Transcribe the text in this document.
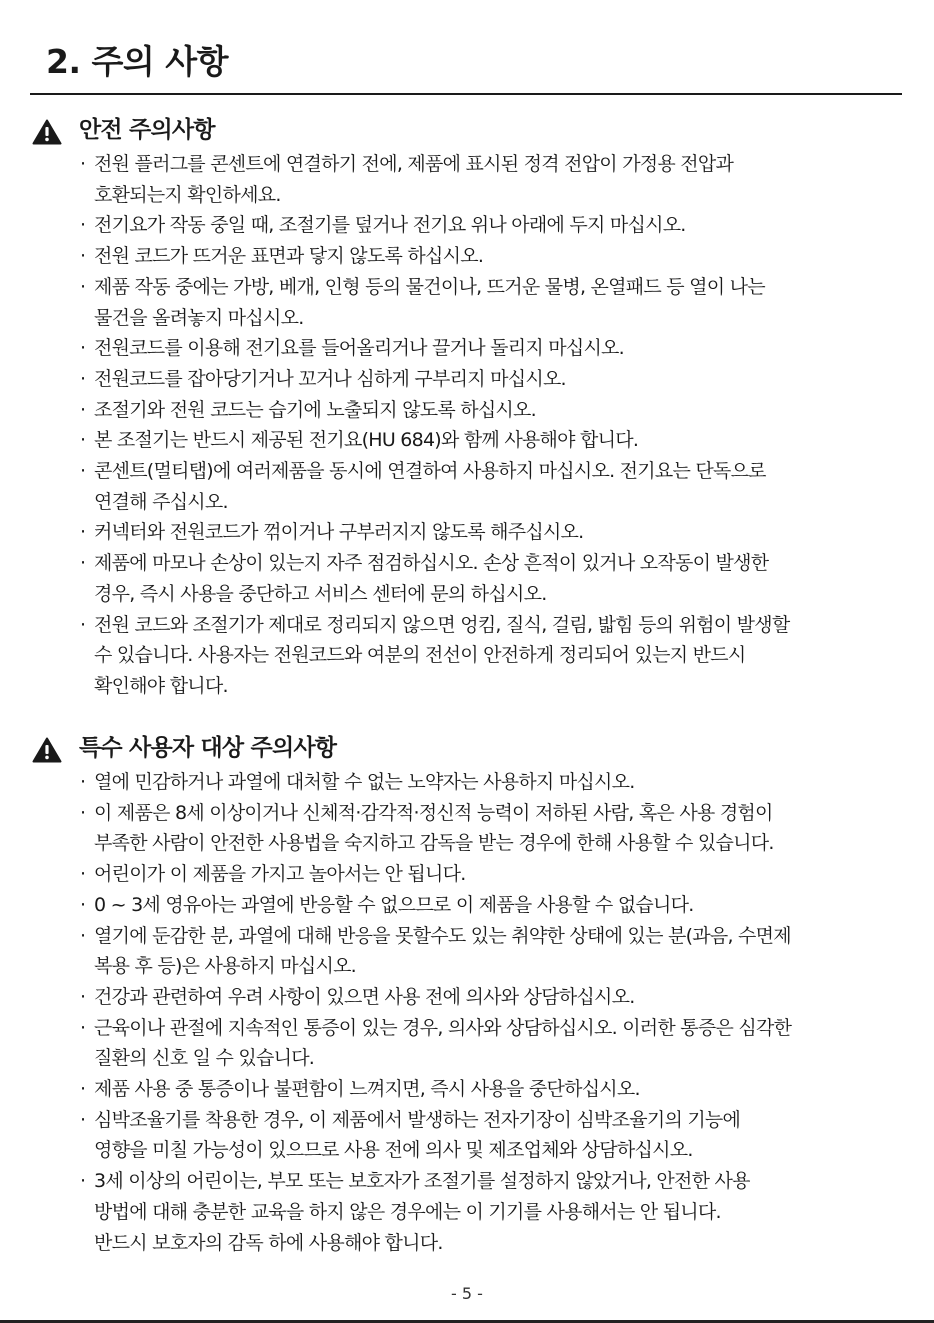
2. 주의 사항
안전 주의사항
· 전원 플러그를 콘센트에 연결하기 전에, 제품에 표시된 정격 전압이 가정용 전압과
호환되는지 확인하세요.
· 전기요가 작동 중일 때, 조절기를 덮거나 전기요 위나 아래에 두지 마십시오.
· 전원 코드가 뜨거운 표면과 닿지 않도록 하십시오.
· 제품 작동 중에는 가방, 베개, 인형 등의 물건이나, 뜨거운 물병, 온열패드 등 열이 나는
물건을 올려놓지 마십시오.
· 전원코드를 이용해 전기요를 들어올리거나 끌거나 돌리지 마십시오.
· 전원코드를 잡아당기거나 꼬거나 심하게 구부리지 마십시오.
· 조절기와 전원 코드는 습기에 노출되지 않도록 하십시오.
· 본 조절기는 반드시 제공된 전기요(HU 684)와 함께 사용해야 합니다.
· 콘센트(멀티탭)에 여러제품을 동시에 연결하여 사용하지 마십시오. 전기요는 단독으로
연결해 주십시오.
· 커넥터와 전원코드가 꺾이거나 구부러지지 않도록 해주십시오.
· 제품에 마모나 손상이 있는지 자주 점검하십시오. 손상 흔적이 있거나 오작동이 발생한
경우, 즉시 사용을 중단하고 서비스 센터에 문의 하십시오.
· 전원 코드와 조절기가 제대로 정리되지 않으면 엉킴, 질식, 걸림, 밟힘 등의 위험이 발생할
수 있습니다. 사용자는 전원코드와 여분의 전선이 안전하게 정리되어 있는지 반드시
확인해야 합니다.
특수 사용자 대상 주의사항
· 열에 민감하거나 과열에 대처할 수 없는 노약자는 사용하지 마십시오.
· 이 제품은 8세 이상이거나 신체적·감각적·정신적 능력이 저하된 사람, 혹은 사용 경험이
부족한 사람이 안전한 사용법을 숙지하고 감독을 받는 경우에 한해 사용할 수 있습니다.
· 어린이가 이 제품을 가지고 놀아서는 안 됩니다.
· 0 ~ 3세 영유아는 과열에 반응할 수 없으므로 이 제품을 사용할 수 없습니다.
· 열기에 둔감한 분, 과열에 대해 반응을 못할수도 있는 취약한 상태에 있는 분(과음, 수면제
복용 후 등)은 사용하지 마십시오.
· 건강과 관련하여 우려 사항이 있으면 사용 전에 의사와 상담하십시오.
· 근육이나 관절에 지속적인 통증이 있는 경우, 의사와 상담하십시오. 이러한 통증은 심각한
질환의 신호 일 수 있습니다.
· 제품 사용 중 통증이나 불편함이 느껴지면, 즉시 사용을 중단하십시오.
· 심박조율기를 착용한 경우, 이 제품에서 발생하는 전자기장이 심박조율기의 기능에
영향을 미칠 가능성이 있으므로 사용 전에 의사 및 제조업체와 상담하십시오.
· 3세 이상의 어린이는, 부모 또는 보호자가 조절기를 설정하지 않았거나, 안전한 사용
방법에 대해 충분한 교육을 하지 않은 경우에는 이 기기를 사용해서는 안 됩니다.
반드시 보호자의 감독 하에 사용해야 합니다.
- 5 -
